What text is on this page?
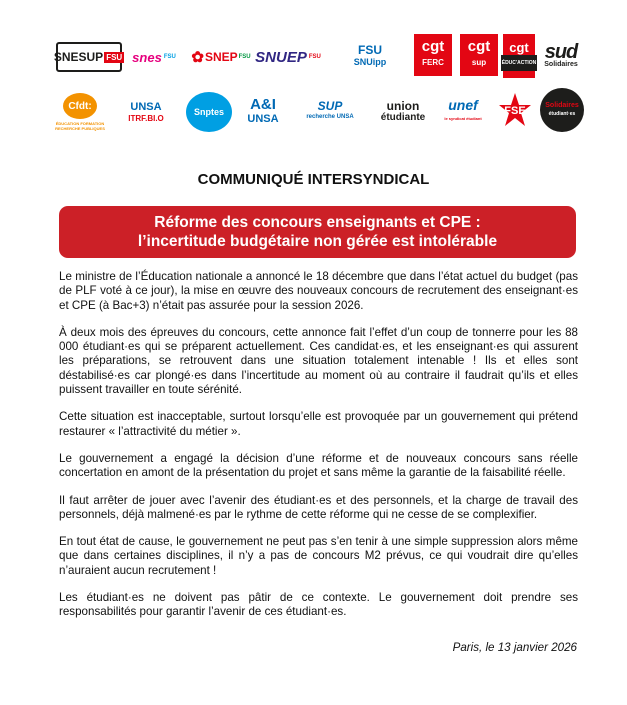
SNESUP FSU snes FSU ✿ SNEP FSU SNUEP FSU	FSU
SNUipp
cgt
FERC
cgt
sup
cgt
ÉDUC'ACTION sud
Solidaires
Cfdt:
ÉDUCATION FORMATION RECHERCHE PUBLIQUES
UNSA
ITRF.BI.O
Snptes A&I
UNSA
SUP
recherche UNSA
union
étudiante
unef
le syndicat étudiant
FSE	Solidaires
étudiant·es
COMMUNIQUÉ INTERSYNDICAL
Réforme des concours enseignants et CPE :
l’incertitude budgétaire non gérée est intolérable

Le ministre de l’Éducation nationale a annoncé le 18 décembre que dans l’état actuel du budget (pas de PLF voté à ce jour), la mise en œuvre des nouveaux concours de recrutement des enseignant·es et CPE (à Bac+3) n’était pas assurée pour la session 2026.

À deux mois des épreuves du concours, cette annonce fait l’effet d’un coup de tonnerre pour les 88 000 étudiant·es qui se préparent actuellement. Ces candidat·es, et les enseignant·es qui assurent les préparations, se retrouvent dans une situation totalement intenable ! Ils et elles sont déstabilisé·es car plongé·es dans l’incertitude au moment où au contraire il faudrait qu’ils et elles puissent travailler en toute sérénité.

Cette situation est inacceptable, surtout lorsqu’elle est provoquée par un gouvernement qui prétend restaurer « l’attractivité du métier ».

Le gouvernement a engagé la décision d’une réforme et de nouveaux concours sans réelle concertation en amont de la présentation du projet et sans même la garantie de la faisabilité réelle.

Il faut arrêter de jouer avec l’avenir des étudiant·es et des personnels, et la charge de travail des personnels, déjà malmené·es par le rythme de cette réforme qui ne cesse de se complexifier.

En tout état de cause, le gouvernement ne peut pas s’en tenir à une simple suppression alors même que dans certaines disciplines, il n’y a pas de concours M2 prévus, ce qui voudrait dire qu’elles n’auraient aucun recrutement !

Les étudiant·es ne doivent pas pâtir de ce contexte. Le gouvernement doit prendre ses responsabilités pour garantir l’avenir de ces étudiant·es.

Paris, le 13 janvier 2026
